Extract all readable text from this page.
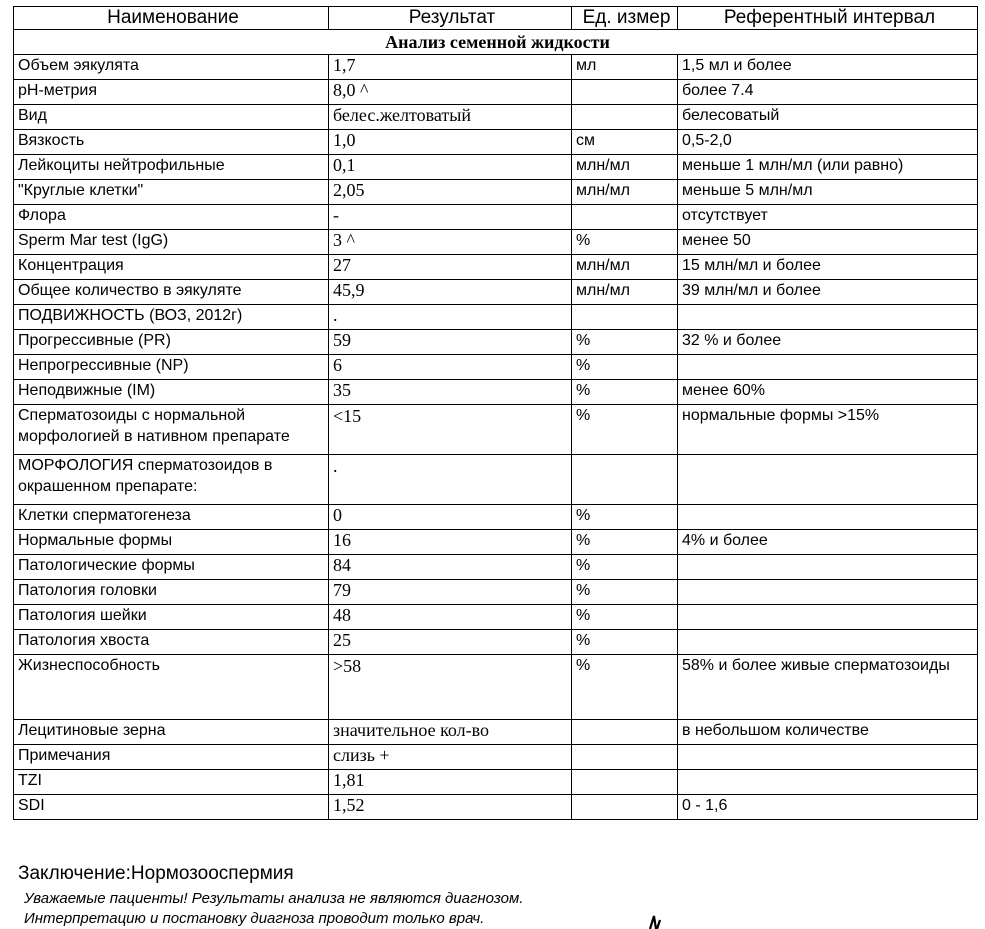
Наименование	Результат	Ед. измер	Референтный интервал
Анализ семенной жидкости			
Объем эякулята	1,7	мл	1,5 мл и более
pH-метрия	8,0 ^		более 7.4
Вид	белес.желтоватый		белесоватый
Вязкость	1,0	см	0,5-2,0
Лейкоциты нейтрофильные	0,1	млн/мл	меньше 1 млн/мл (или равно)
"Круглые клетки"	2,05	млн/мл	меньше 5 млн/мл
Флора	-		отсутствует
Sperm Mar test (IgG)	3 ^	%	менее 50
Концентрация	27	млн/мл	15 млн/мл и более
Общее количество в эякуляте	45,9	млн/мл	39 млн/мл и более
ПОДВИЖНОСТЬ (ВОЗ, 2012г)	.		
Прогрессивные (PR)	59	%	32 % и более
Непрогрессивные (NP)	6	%	
Неподвижные (IM)	35	%	менее 60%
Сперматозоиды с нормальной морфологией в нативном препарате	<15	%	нормальные формы >15%
МОРФОЛОГИЯ сперматозоидов в окрашенном препарате:	.		
Клетки сперматогенеза	0	%	
Нормальные формы	16	%	4% и более
Патологические формы	84	%	
Патология головки	79	%	
Патология шейки	48	%	
Патология хвоста	25	%	
Жизнеспособность	>58	%	58% и более живые сперматозоиды
Лецитиновые зерна	значительное кол-во		в небольшом количестве
Примечания	слизь +		
TZI	1,81		
SDI	1,52		0 - 1,6
Заключение:Нормозооспермия
Уважаемые пациенты! Результаты анализа не являются диагнозом.
Интерпретацию и постановку диагноза проводит только врач.
